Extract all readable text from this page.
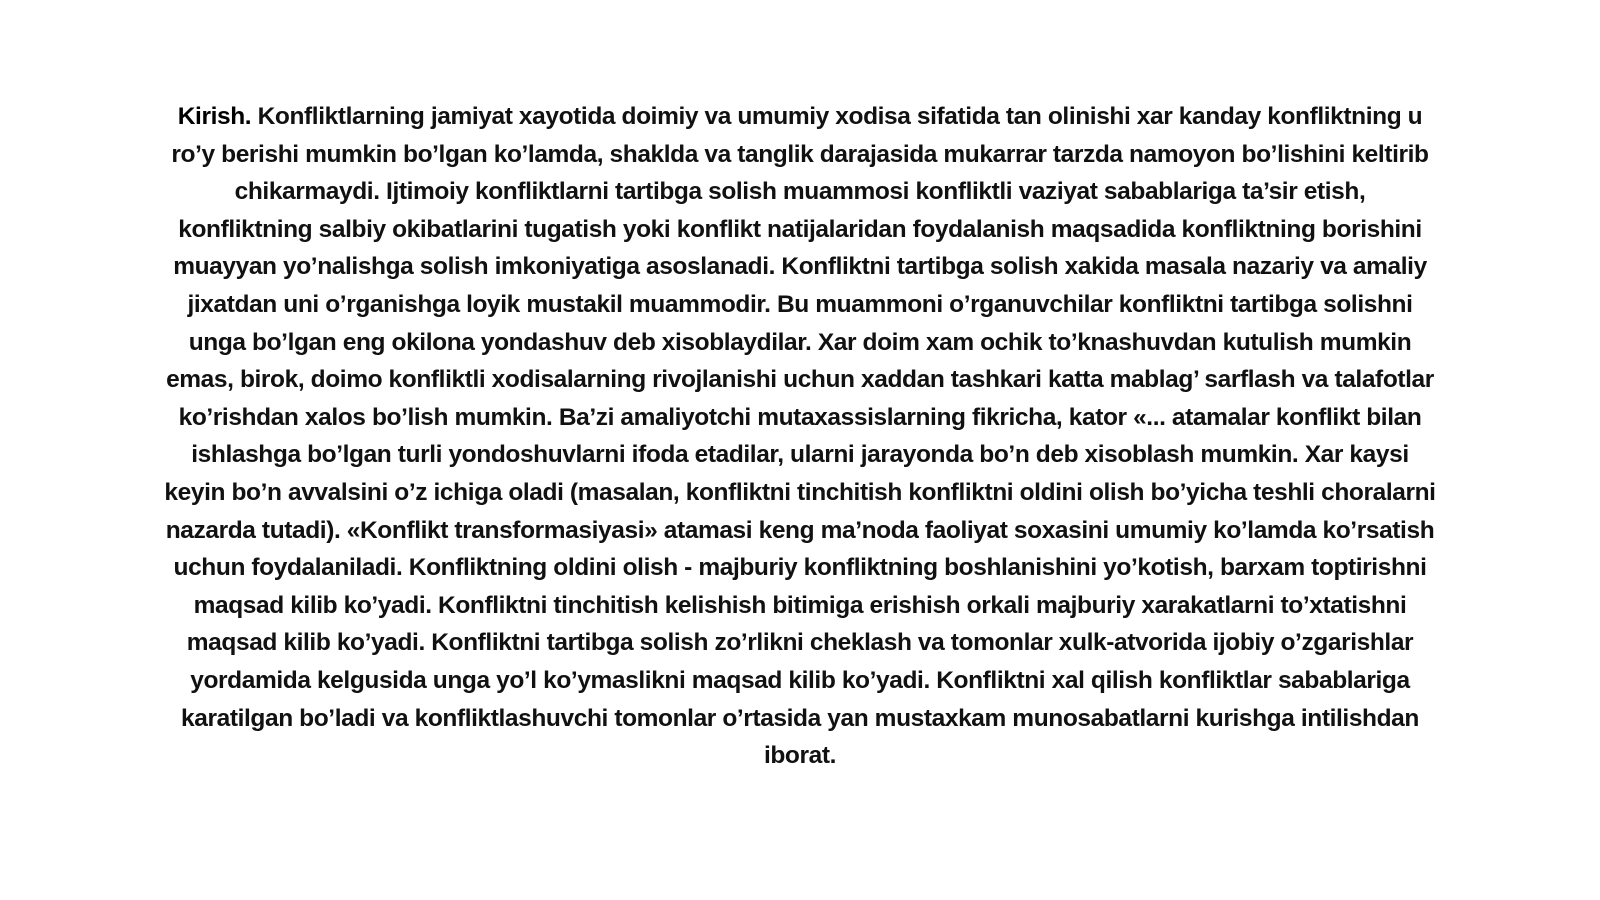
Kirish. Konfliktlarning jamiyat xayotida doimiy va umumiy xodisa sifatida tan olinishi xar kanday konfliktning u
ro’y berishi mumkin bo’lgan ko’lamda, shaklda va tanglik darajasida mukarrar tarzda namoyon bo’lishini keltirib
chikarmaydi. Ijtimoiy konfliktlarni tartibga solish muammosi konfliktli vaziyat sabablariga ta’sir etish,
konfliktning salbiy okibatlarini tugatish yoki konflikt natijalaridan foydalanish maqsadida konfliktning borishini
muayyan yo’nalishga solish imkoniyatiga asoslanadi. Konfliktni tartibga solish xakida masala nazariy va amaliy
jixatdan uni o’rganishga loyik mustakil muammodir. Bu muammoni o’rganuvchilar konfliktni tartibga solishni
unga bo’lgan eng okilona yondashuv deb xisoblaydilar. Xar doim xam ochik to’knashuvdan kutulish mumkin
emas, birok, doimo konfliktli xodisalarning rivojlanishi uchun xaddan tashkari katta mablag’ sarflash va talafotlar
ko’rishdan xalos bo’lish mumkin. Ba’zi amaliyotchi mutaxassislarning fikricha, kator «... atamalar konflikt bilan
ishlashga bo’lgan turli yondoshuvlarni ifoda etadilar, ularni jarayonda bo’n deb xisoblash mumkin. Xar kaysi
keyin bo’n avvalsini o’z ichiga oladi (masalan, konfliktni tinchitish konfliktni oldini olish bo’yicha teshli choralarni
nazarda tutadi). «Konflikt transformasiyasi» atamasi keng ma’noda faoliyat soxasini umumiy ko’lamda ko’rsatish
uchun foydalaniladi. Konfliktning oldini olish - majburiy konfliktning boshlanishini yo’kotish, barxam toptirishni
maqsad kilib ko’yadi. Konfliktni tinchitish kelishish bitimiga erishish orkali majburiy xarakatlarni to’xtatishni
maqsad kilib ko’yadi. Konfliktni tartibga solish zo’rlikni cheklash va tomonlar xulk-atvorida ijobiy o’zgarishlar
yordamida kelgusida unga yo’l ko’ymaslikni maqsad kilib ko’yadi. Konfliktni xal qilish konfliktlar sabablariga
karatilgan bo’ladi va konfliktlashuvchi tomonlar o’rtasida yan mustaxkam munosabatlarni kurishga intilishdan
iborat.
